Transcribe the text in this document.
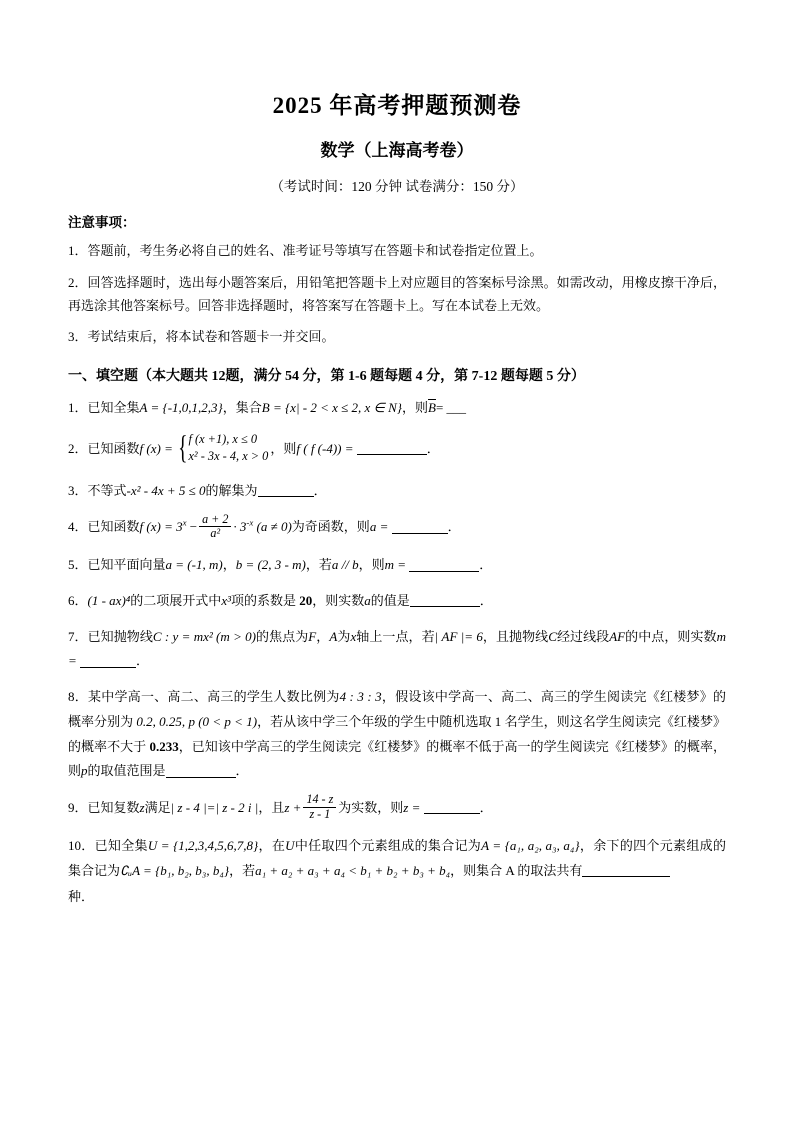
2025 年高考押题预测卷
数学（上海高考卷）
（考试时间：120 分钟 试卷满分：150 分）
注意事项：
1．答题前，考生务必将自己的姓名、准考证号等填写在答题卡和试卷指定位置上。
2．回答选择题时，选出每小题答案后，用铅笔把答题卡上对应题目的答案标号涂黑。如需改动，用橡皮擦干净后，再选涂其他答案标号。回答非选择题时，将答案写在答题卡上。写在本试卷上无效。
3．考试结束后，将本试卷和答题卡一并交回。
一、填空题（本大题共 12题，满分 54 分，第 1-6 题每题 4 分，第 7-12 题每题 5 分）
1．已知全集A = {-1,0,1,2,3}，集合B = {x| - 2 < x ≤ 2, x ∈ N}，则$\overline{B}=$ ___
2．已知函数f (x) = { f (x +1), x ≤ 0
x² - 3x - 4, x > 0
，则f ( f (-4)) =	．
3．不等式-x² - 4x + 5 ≤ 0的解集为	．
4．已知函数f $(x) = 3^x - \frac{a + 2}{\text{a²}} \cdot 3^{-x}$ (a ≠ 0)为奇函数，则a =	．
5．已知平面向量a = (-1, m)，b = (2, 3 - m)，若a // b，则m =	．
6．(1 - ax)⁴的二项展开式中x³项的系数是 20，则实数a的值是	．
7．已知抛物线C : y = mx² (m > 0)的焦点为F，A为x轴上一点，若| AF |= 6，且抛物线C经过线段AF的中点，则实数m =	．
8．某中学高一、高二、高三的学生人数比例为4 : 3 : 3，假设该中学高一、高二、高三的学生阅读完《红楼梦》的概率分别为 0.2, 0.25, p (0 < p < 1)，若从该中学三个年级的学生中随机选取 1 名学生，则这名学生阅读完《红楼梦》的概率不大于 0.233，已知该中学高三的学生阅读完《红楼梦》的概率不低于高一的学生阅读完《红楼梦》的概率，则p的取值范围是	．
9．已知复数z满足| z - 4 |=| z - 2 i |，且$z + \frac{14 - z}{z - 1}$ 为实数，则z =	．
10．已知全集U = {1,2,3,4,5,6,7,8}，在U中任取四个元素组成的集合记为A = {a₁, a₂, a₃, a₄}，余下的四个元素组成的集合记为∁ᵤA = {b₁, b₂, b₃, b₄}，若a₁ + a₂ + a₃ + a₄ < b₁ + b₂ + b₃ + b₄，则集合 A 的取法共有
种．
